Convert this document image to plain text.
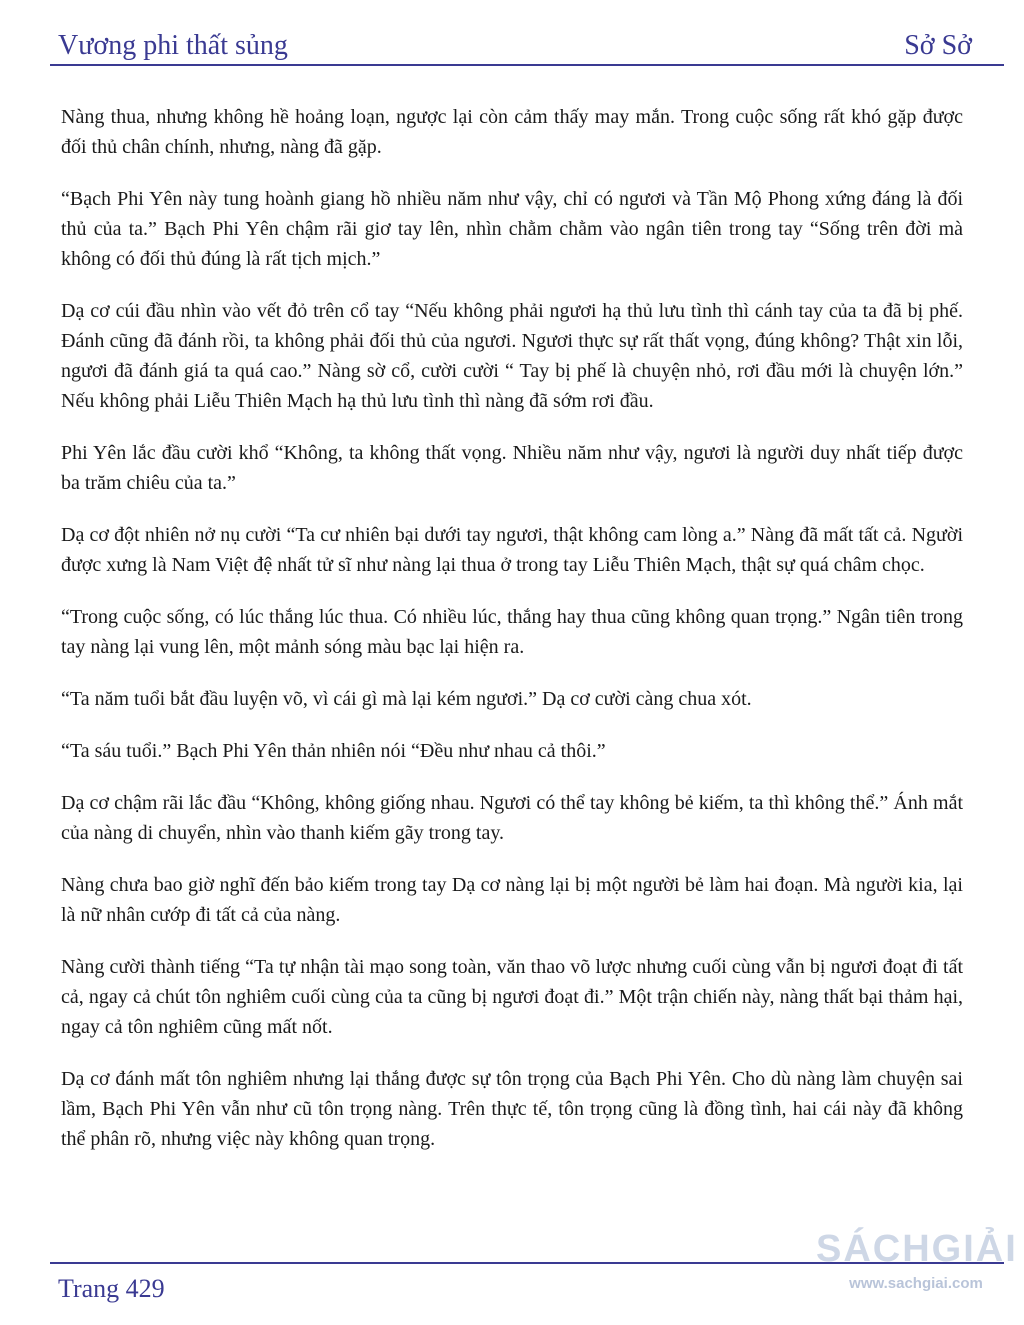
Vương phi thất sủng	Sở Sở

Nàng thua, nhưng không hề hoảng loạn, ngược lại còn cảm thấy may mắn. Trong cuộc sống rất khó gặp được đối thủ chân chính, nhưng, nàng đã gặp.

“Bạch Phi Yên này tung hoành giang hồ nhiều năm như vậy, chỉ có ngươi và Tần Mộ Phong xứng đáng là đối thủ của ta.” Bạch Phi Yên chậm rãi giơ tay lên, nhìn chằm chằm vào ngân tiên trong tay “Sống trên đời mà không có đối thủ đúng là rất tịch mịch.”

Dạ cơ cúi đầu nhìn vào vết đỏ trên cổ tay “Nếu không phải ngươi hạ thủ lưu tình thì cánh tay của ta đã bị phế. Đánh cũng đã đánh rồi, ta không phải đối thủ của ngươi. Ngươi thực sự rất thất vọng, đúng không? Thật xin lỗi, ngươi đã đánh giá ta quá cao.” Nàng sờ cổ, cười cười “ Tay bị phế là chuyện nhỏ, rơi đầu mới là chuyện lớn.” Nếu không phải Liễu Thiên Mạch hạ thủ lưu tình thì nàng đã sớm rơi đầu.

Phi Yên lắc đầu cười khổ “Không, ta không thất vọng. Nhiều năm như vậy, ngươi là người duy nhất tiếp được ba trăm chiêu của ta.”

Dạ cơ đột nhiên nở nụ cười “Ta cư nhiên bại dưới tay ngươi, thật không cam lòng a.” Nàng đã mất tất cả. Người được xưng là Nam Việt đệ nhất tử sĩ như nàng lại thua ở trong tay Liễu Thiên Mạch, thật sự quá châm chọc.

“Trong cuộc sống, có lúc thắng lúc thua. Có nhiều lúc, thắng hay thua cũng không quan trọng.” Ngân tiên trong tay nàng lại vung lên, một mảnh sóng màu bạc lại hiện ra.

“Ta năm tuổi bắt đầu luyện võ, vì cái gì mà lại kém ngươi.” Dạ cơ cười càng chua xót.

“Ta sáu tuổi.” Bạch Phi Yên thản nhiên nói “Đều như nhau cả thôi.”

Dạ cơ chậm rãi lắc đầu “Không, không giống nhau. Ngươi có thể tay không bẻ kiếm, ta thì không thể.” Ánh mắt của nàng di chuyển, nhìn vào thanh kiếm gãy trong tay.

Nàng chưa bao giờ nghĩ đến bảo kiếm trong tay Dạ cơ nàng lại bị một người bẻ làm hai đoạn. Mà người kia, lại là nữ nhân cướp đi tất cả của nàng.

Nàng cười thành tiếng “Ta tự nhận tài mạo song toàn, văn thao võ lược nhưng cuối cùng vẫn bị ngươi đoạt đi tất cả, ngay cả chút tôn nghiêm cuối cùng của ta cũng bị ngươi đoạt đi.” Một trận chiến này, nàng thất bại thảm hại, ngay cả tôn nghiêm cũng mất nốt.

Dạ cơ đánh mất tôn nghiêm nhưng lại thắng được sự tôn trọng của Bạch Phi Yên. Cho dù nàng làm chuyện sai lầm, Bạch Phi Yên vẫn như cũ tôn trọng nàng. Trên thực tế, tôn trọng cũng là đồng tình, hai cái này đã không thể phân rõ, nhưng việc này không quan trọng.

Trang 429
SÁCHGIẢI
www.sachgiai.com
